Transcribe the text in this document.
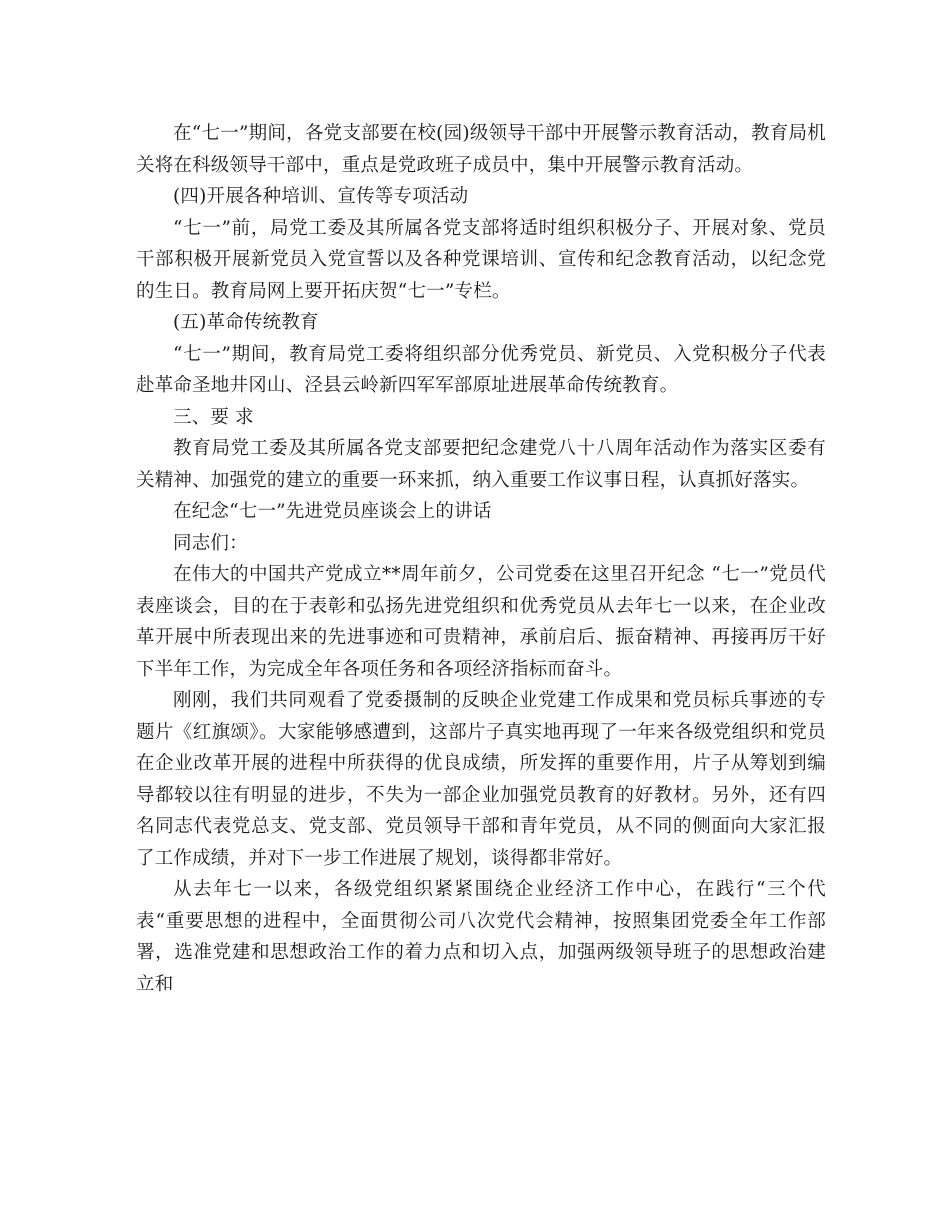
在“七一”期间，各党支部要在校(园)级领导干部中开展警示教育活动，教育局机关将在科级领导干部中，重点是党政班子成员中，集中开展警示教育活动。

(四)开展各种培训、宣传等专项活动

“七一”前，局党工委及其所属各党支部将适时组织积极分子、开展对象、党员干部积极开展新党员入党宣誓以及各种党课培训、宣传和纪念教育活动，以纪念党的生日。教育局网上要开拓庆贺“七一”专栏。

(五)革命传统教育

“七一”期间，教育局党工委将组织部分优秀党员、新党员、入党积极分子代表赴革命圣地井冈山、泾县云岭新四军军部原址进展革命传统教育。

三、要 求

教育局党工委及其所属各党支部要把纪念建党八十八周年活动作为落实区委有关精神、加强党的建立的重要一环来抓，纳入重要工作议事日程，认真抓好落实。

在纪念“七一”先进党员座谈会上的讲话

同志们：

在伟大的中国共产党成立**周年前夕，公司党委在这里召开纪念 “七一”党员代表座谈会，目的在于表彰和弘扬先进党组织和优秀党员从去年七一以来，在企业改革开展中所表现出来的先进事迹和可贵精神，承前启后、振奋精神、再接再厉干好下半年工作，为完成全年各项任务和各项经济指标而奋斗。

刚刚，我们共同观看了党委摄制的反映企业党建工作成果和党员标兵事迹的专题片《红旗颂》。大家能够感遭到，这部片子真实地再现了一年来各级党组织和党员在企业改革开展的进程中所获得的优良成绩，所发挥的重要作用，片子从筹划到编导都较以往有明显的进步，不失为一部企业加强党员教育的好教材。另外，还有四名同志代表党总支、党支部、党员领导干部和青年党员，从不同的侧面向大家汇报了工作成绩，并对下一步工作进展了规划，谈得都非常好。

从去年七一以来，各级党组织紧紧围绕企业经济工作中心，在践行“三个代表“重要思想的进程中，全面贯彻公司八次党代会精神，按照集团党委全年工作部署，选准党建和思想政治工作的着力点和切入点，加强两级领导班子的思想政治建立和
